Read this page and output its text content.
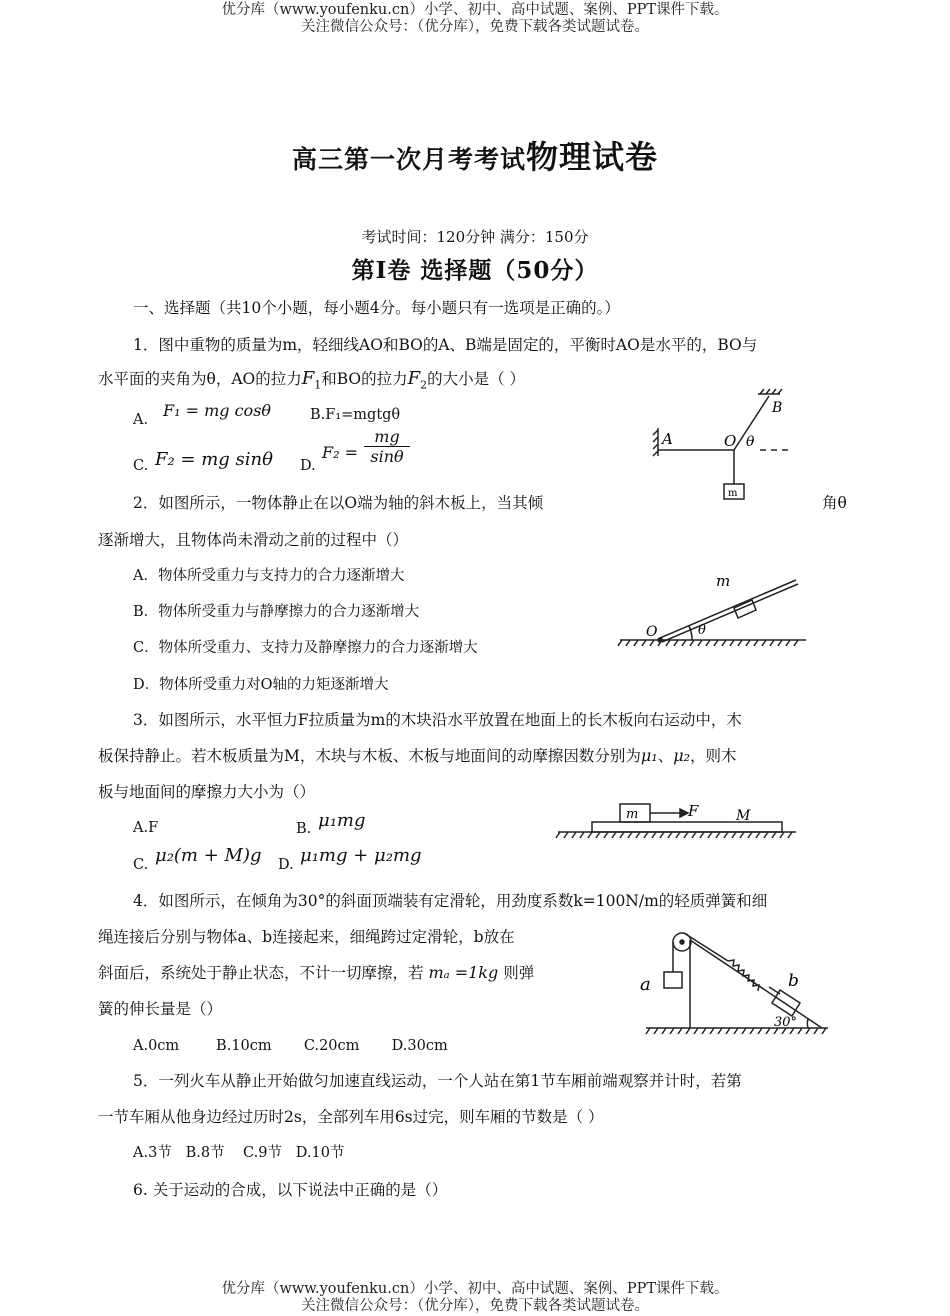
优分库（www.youfenku.cn）小学、初中、高中试题、案例、PPT课件下载。
关注微信公众号：（优分库），免费下载各类试题试卷。
高三第一次月考考试物理试卷
考试时间：120分钟 满分：150分
第Ⅰ卷 选择题（50分）
一、选择题（共10个小题，每小题4分。每小题只有一选项是正确的。）
1．图中重物的质量为m，轻细线AO和BO的A、B端是固定的，平衡时AO是水平的，BO与
水平面的夹角为θ，AO的拉力$F_1$和BO的拉力$F_2$的大小是（ ）
A． F₁ = mg cosθ	B.F₁=mgtgθ
C. F₂ = mg sinθ D.
$F_2 = \frac{mg}{\sin\theta}$	A
B
O θ
m
2．如图所示，一物体静止在以O端为轴的斜木板上，当其倾	角θ
逐渐增大，且物体尚未滑动之前的过程中（）
A．物体所受重力与支持力的合力逐渐增大
B．物体所受重力与静摩擦力的合力逐渐增大
C．物体所受重力、支持力及静摩擦力的合力逐渐增大
D．物体所受重力对O轴的力矩逐渐增大
m
O	θ
3．如图所示，水平恒力F拉质量为m的木块沿水平放置在地面上的长木板向右运动中，木
板保持静止。若木板质量为M，木块与木板、木板与地面间的动摩擦因数分别为μ₁、μ₂，则木
板与地面间的摩擦力大小为（）
A.F	B. μ₁mg
C. μ₂(m + M)g D. μ₁mg + μ₂mg
m	F	M
4．如图所示，在倾角为30°的斜面顶端装有定滑轮，用劲度系数k=100N/m的轻质弹簧和细
绳连接后分别与物体a、b连接起来，细绳跨过定滑轮，b放在
斜面后，系统处于静止状态，不计一切摩擦，若 mₐ =1kg 则弹
簧的伸长量是（）
A.0cm        B.10cm       C.20cm       D.30cm
a	b
30°
5．一列火车从静止开始做匀加速直线运动，一个人站在第1节车厢前端观察并计时，若第
一节车厢从他身边经过历时2s，全部列车用6s过完，则车厢的节数是（ ）
A.3节   B.8节    C.9节   D.10节
6. 关于运动的合成，以下说法中正确的是（）
优分库（www.youfenku.cn）小学、初中、高中试题、案例、PPT课件下载。
关注微信公众号：（优分库），免费下载各类试题试卷。
